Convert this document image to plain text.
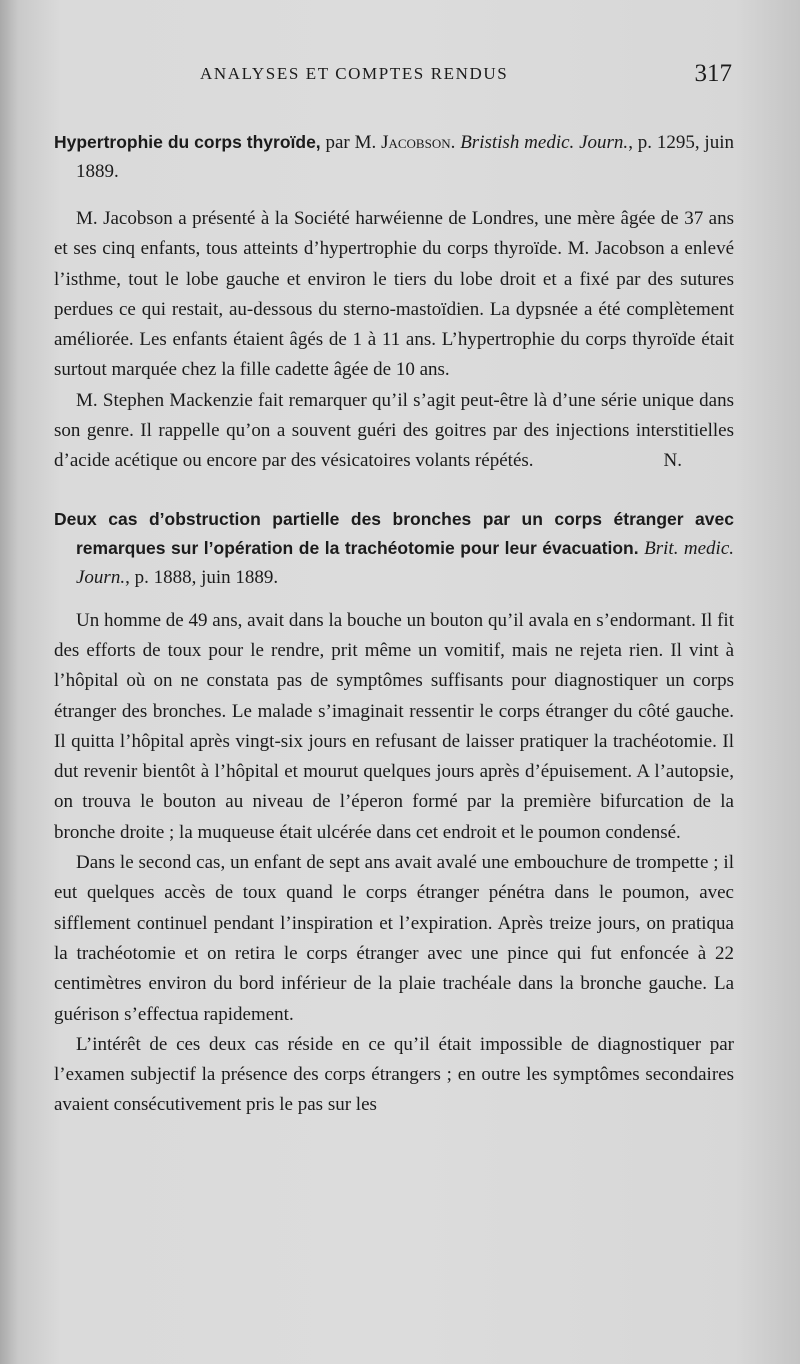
ANALYSES ET COMPTES RENDUS	317
Hypertrophie du corps thyroïde, par M. Jacobson. Bristish medic. Journ., p. 1295, juin 1889.

M. Jacobson a présenté à la Société harwéienne de Londres, une mère âgée de 37 ans et ses cinq enfants, tous atteints d’hypertrophie du corps thyroïde. M. Jacobson a enlevé l’isthme, tout le lobe gauche et environ le tiers du lobe droit et a fixé par des sutures perdues ce qui restait, au-dessous du sterno-mastoïdien. La dypsnée a été complètement améliorée. Les enfants étaient âgés de 1 à 11 ans. L’hypertrophie du corps thyroïde était surtout marquée chez la fille cadette âgée de 10 ans.

M. Stephen Mackenzie fait remarquer qu’il s’agit peut-être là d’une série unique dans son genre. Il rappelle qu’on a souvent guéri des goitres par des injections interstitielles d’acide acétique ou encore par des vésicatoires volants répétés.	N.

Deux cas d’obstruction partielle des bronches par un corps étranger avec remarques sur l’opération de la trachéotomie pour leur évacuation. Brit. medic. Journ., p. 1888, juin 1889.

Un homme de 49 ans, avait dans la bouche un bouton qu’il avala en s’endormant. Il fit des efforts de toux pour le rendre, prit même un vomitif, mais ne rejeta rien. Il vint à l’hôpital où on ne constata pas de symptômes suffisants pour diagnostiquer un corps étranger des bronches. Le malade s’imaginait ressentir le corps étranger du côté gauche. Il quitta l’hôpital après vingt-six jours en refusant de laisser pratiquer la trachéotomie. Il dut revenir bientôt à l’hôpital et mourut quelques jours après d’épuisement. A l’autopsie, on trouva le bouton au niveau de l’éperon formé par la première bifurcation de la bronche droite ; la muqueuse était ulcérée dans cet endroit et le poumon condensé.

Dans le second cas, un enfant de sept ans avait avalé une embouchure de trompette ; il eut quelques accès de toux quand le corps étranger pénétra dans le poumon, avec sifflement continuel pendant l’inspiration et l’expiration. Après treize jours, on pratiqua la trachéotomie et on retira le corps étranger avec une pince qui fut enfoncée à 22 centimètres environ du bord inférieur de la plaie trachéale dans la bronche gauche. La guérison s’effectua rapidement.

L’intérêt de ces deux cas réside en ce qu’il était impossible de diagnostiquer par l’examen subjectif la présence des corps étrangers ; en outre les symptômes secondaires avaient consécutivement pris le pas sur les
